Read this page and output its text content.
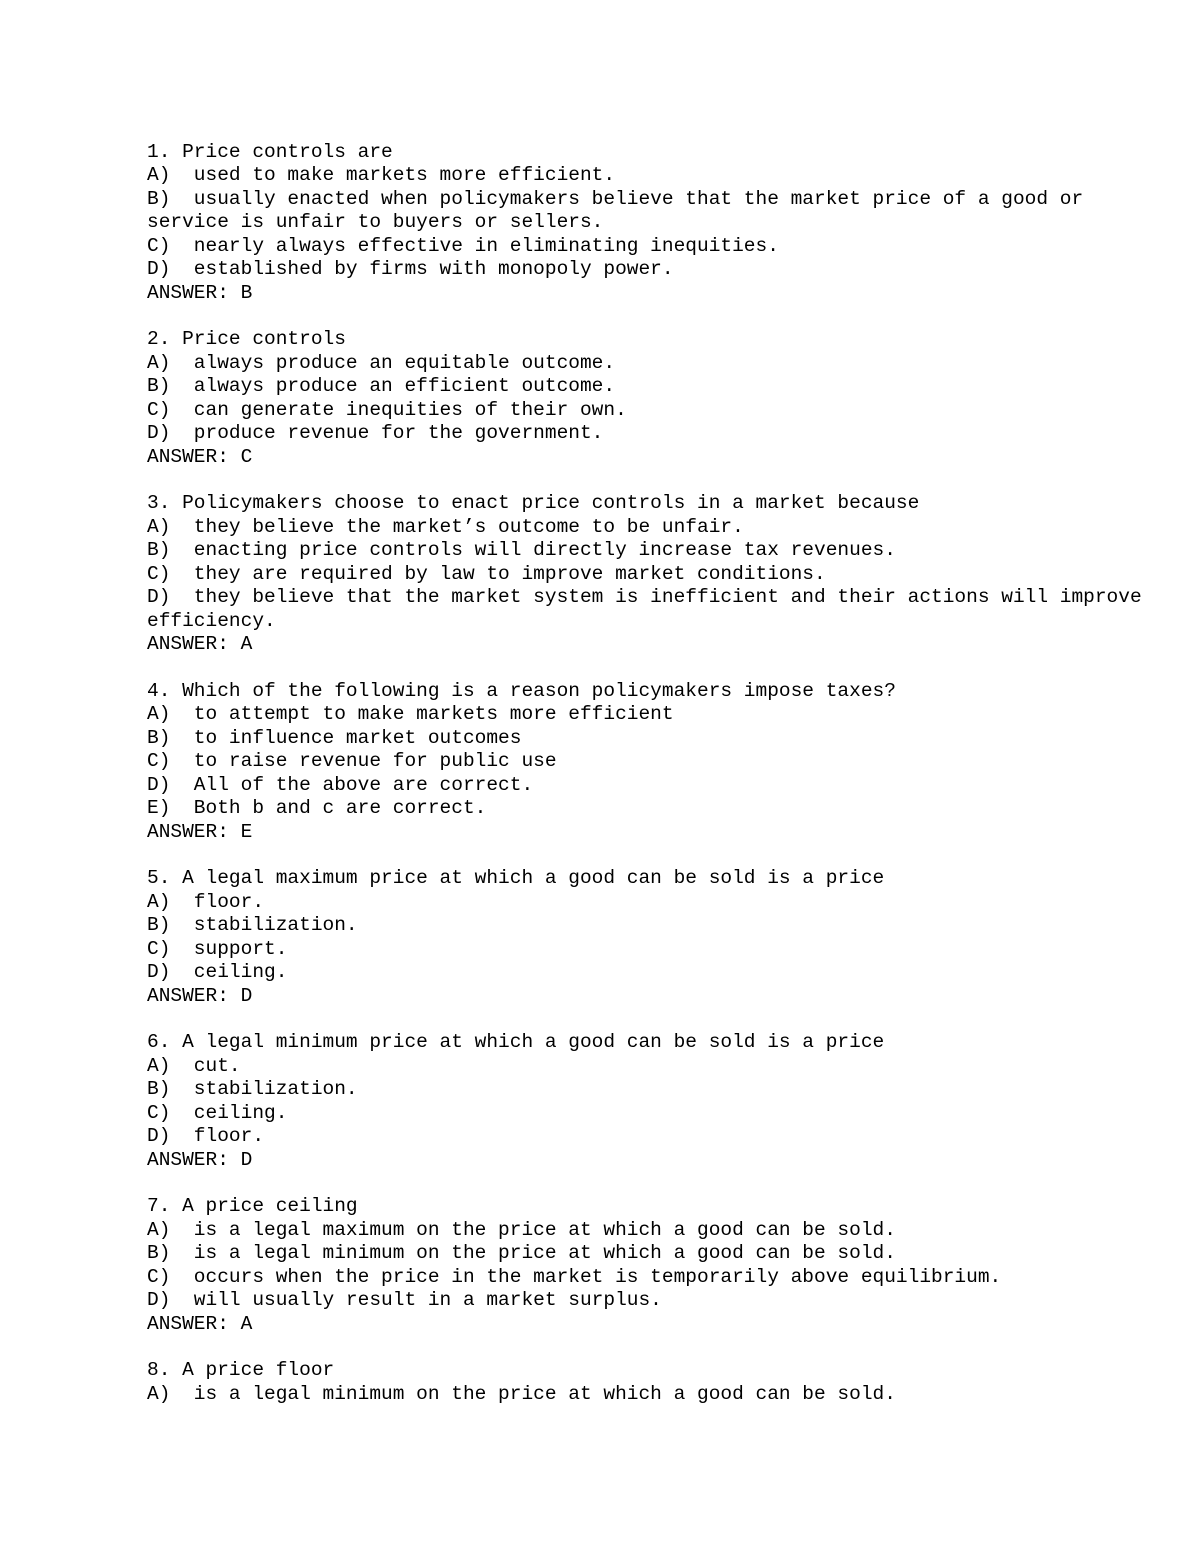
1. Price controls are
A)  used to make markets more efficient.
B)  usually enacted when policymakers believe that the market price of a good or service is unfair to buyers or sellers.
C)  nearly always effective in eliminating inequities.
D)  established by firms with monopoly power.
ANSWER: B
2. Price controls
A)  always produce an equitable outcome.
B)  always produce an efficient outcome.
C)  can generate inequities of their own.
D)  produce revenue for the government.
ANSWER: C
3. Policymakers choose to enact price controls in a market because
A)  they believe the market’s outcome to be unfair.
B)  enacting price controls will directly increase tax revenues.
C)  they are required by law to improve market conditions.
D)  they believe that the market system is inefficient and their actions will improve efficiency.
ANSWER: A
4. Which of the following is a reason policymakers impose taxes?
A)  to attempt to make markets more efficient
B)  to influence market outcomes
C)  to raise revenue for public use
D)  All of the above are correct.
E)  Both b and c are correct.
ANSWER: E
5. A legal maximum price at which a good can be sold is a price
A)  floor.
B)  stabilization.
C)  support.
D)  ceiling.
ANSWER: D
6. A legal minimum price at which a good can be sold is a price
A)  cut.
B)  stabilization.
C)  ceiling.
D)  floor.
ANSWER: D
7. A price ceiling
A)  is a legal maximum on the price at which a good can be sold.
B)  is a legal minimum on the price at which a good can be sold.
C)  occurs when the price in the market is temporarily above equilibrium.
D)  will usually result in a market surplus.
ANSWER: A
8. A price floor
A)  is a legal minimum on the price at which a good can be sold.
